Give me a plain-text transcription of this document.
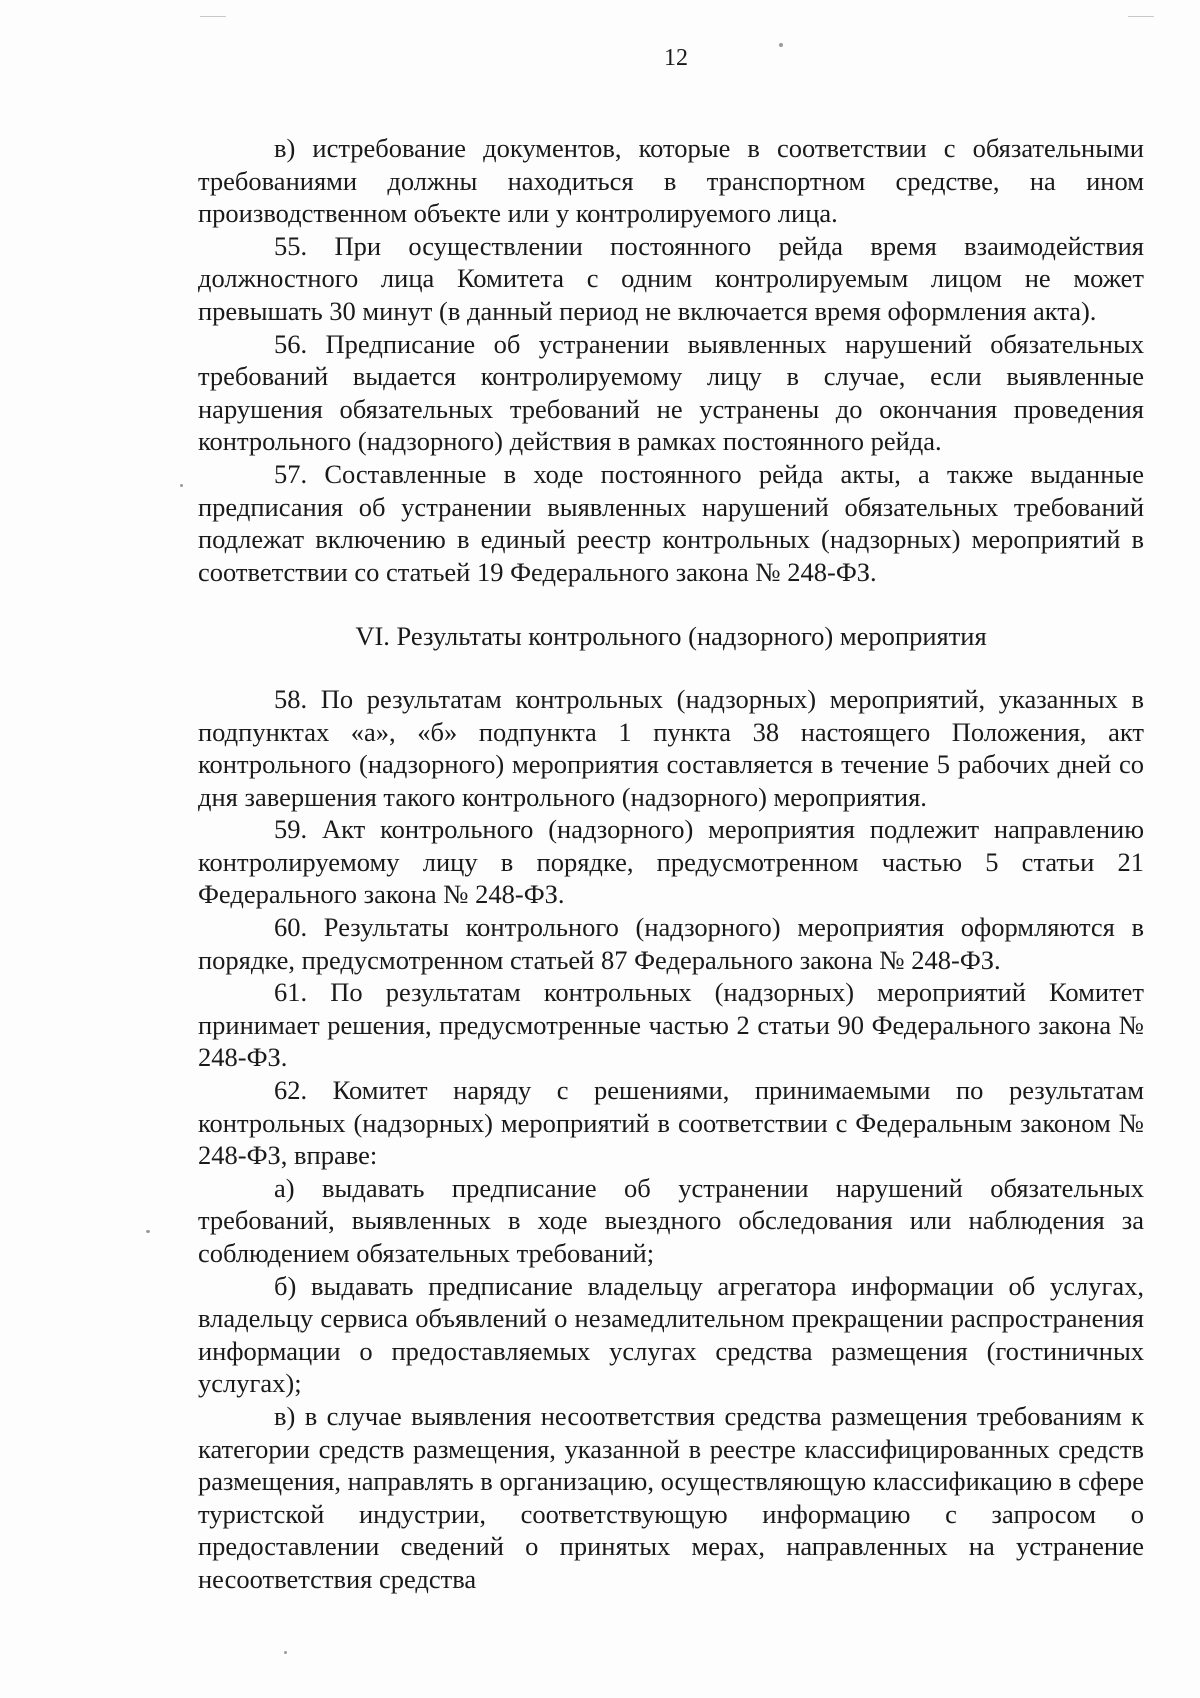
12

в) истребование документов, которые в соответствии с обязательными требованиями должны находиться в транспортном средстве, на ином производственном объекте или у контролируемого лица.

55. При осуществлении постоянного рейда время взаимодействия должностного лица Комитета с одним контролируемым лицом не может превышать 30 минут (в данный период не включается время оформления акта).

56. Предписание об устранении выявленных нарушений обязательных требований выдается контролируемому лицу в случае, если выявленные нарушения обязательных требований не устранены до окончания проведения контрольного (надзорного) действия в рамках постоянного рейда.

57. Составленные в ходе постоянного рейда акты, а также выданные предписания об устранении выявленных нарушений обязательных требований подлежат включению в единый реестр контрольных (надзорных) мероприятий в соответствии со статьей 19 Федерального закона № 248-ФЗ.

VI. Результаты контрольного (надзорного) мероприятия

58. По результатам контрольных (надзорных) мероприятий, указанных в подпунктах «а», «б» подпункта 1 пункта 38 настоящего Положения, акт контрольного (надзорного) мероприятия составляется в течение 5 рабочих дней со дня завершения такого контрольного (надзорного) мероприятия.

59. Акт контрольного (надзорного) мероприятия подлежит направлению контролируемому лицу в порядке, предусмотренном частью 5 статьи 21 Федерального закона № 248-ФЗ.

60. Результаты контрольного (надзорного) мероприятия оформляются в порядке, предусмотренном статьей 87 Федерального закона № 248-ФЗ.

61. По результатам контрольных (надзорных) мероприятий Комитет принимает решения, предусмотренные частью 2 статьи 90 Федерального закона № 248-ФЗ.

62. Комитет наряду с решениями, принимаемыми по результатам контрольных (надзорных) мероприятий в соответствии с Федеральным законом № 248-ФЗ, вправе:

а) выдавать предписание об устранении нарушений обязательных требований, выявленных в ходе выездного обследования или наблюдения за соблюдением обязательных требований;

б) выдавать предписание владельцу агрегатора информации об услугах, владельцу сервиса объявлений о незамедлительном прекращении распространения информации о предоставляемых услугах средства размещения (гостиничных услугах);

в) в случае выявления несоответствия средства размещения требованиям к категории средств размещения, указанной в реестре классифицированных средств размещения, направлять в организацию, осуществляющую классификацию в сфере туристской индустрии, соответствующую информацию с запросом о предоставлении сведений о принятых мерах, направленных на устранение несоответствия средства
